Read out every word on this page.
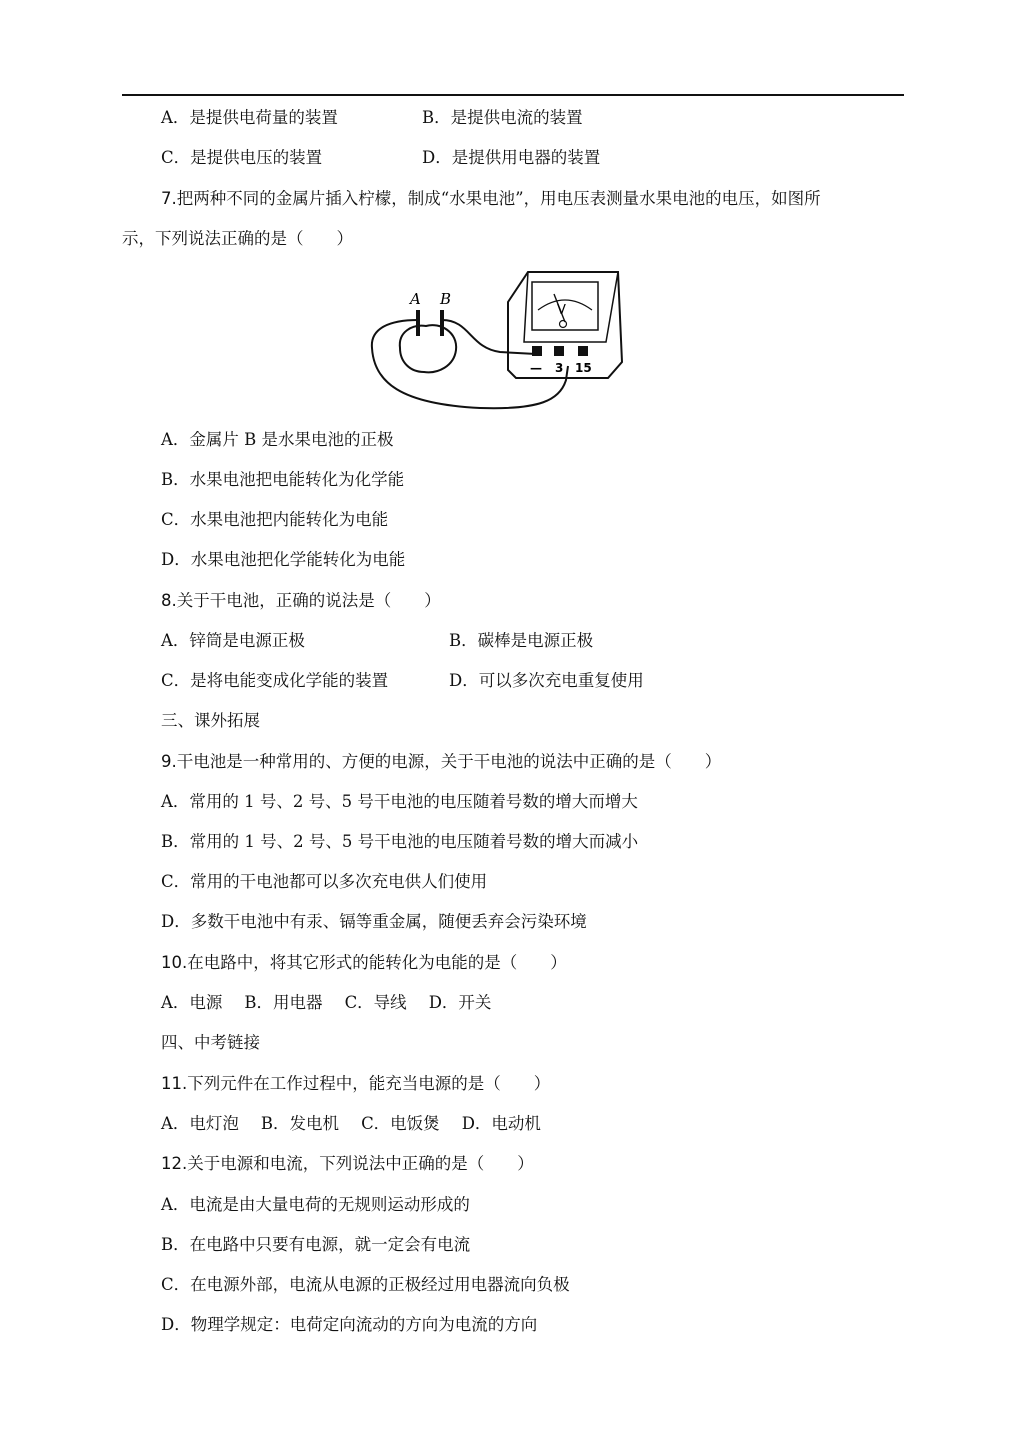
A．是提供电荷量的装置	B．是提供电流的装置
C．是提供电压的装置	D．是提供用电器的装置
7.把两种不同的金属片插入柠檬，制成“水果电池”，用电压表测量水果电池的电压，如图所
示，下列说法正确的是（　　）
A B
V
— 3 15
A．金属片 B 是水果电池的正极
B．水果电池把电能转化为化学能
C．水果电池把内能转化为电能
D．水果电池把化学能转化为电能
8.关于干电池，正确的说法是（　　）
A．锌筒是电源正极	B．碳棒是电源正极
C．是将电能变成化学能的装置	D．可以多次充电重复使用
三、课外拓展
9.干电池是一种常用的、方便的电源，关于干电池的说法中正确的是（　　）
A．常用的 1 号、2 号、5 号干电池的电压随着号数的增大而增大
B．常用的 1 号、2 号、5 号干电池的电压随着号数的增大而减小
C．常用的干电池都可以多次充电供人们使用
D．多数干电池中有汞、镉等重金属，随便丢弃会污染环境
10.在电路中，将其它形式的能转化为电能的是（　　）
A．电源 B．用电器 C．导线 D．开关
四、中考链接
11.下列元件在工作过程中，能充当电源的是（　　）
A．电灯泡 B．发电机 C．电饭煲 D．电动机
12.关于电源和电流，下列说法中正确的是（　　）
A．电流是由大量电荷的无规则运动形成的
B．在电路中只要有电源，就一定会有电流
C．在电源外部，电流从电源的正极经过用电器流向负极
D．物理学规定：电荷定向流动的方向为电流的方向
